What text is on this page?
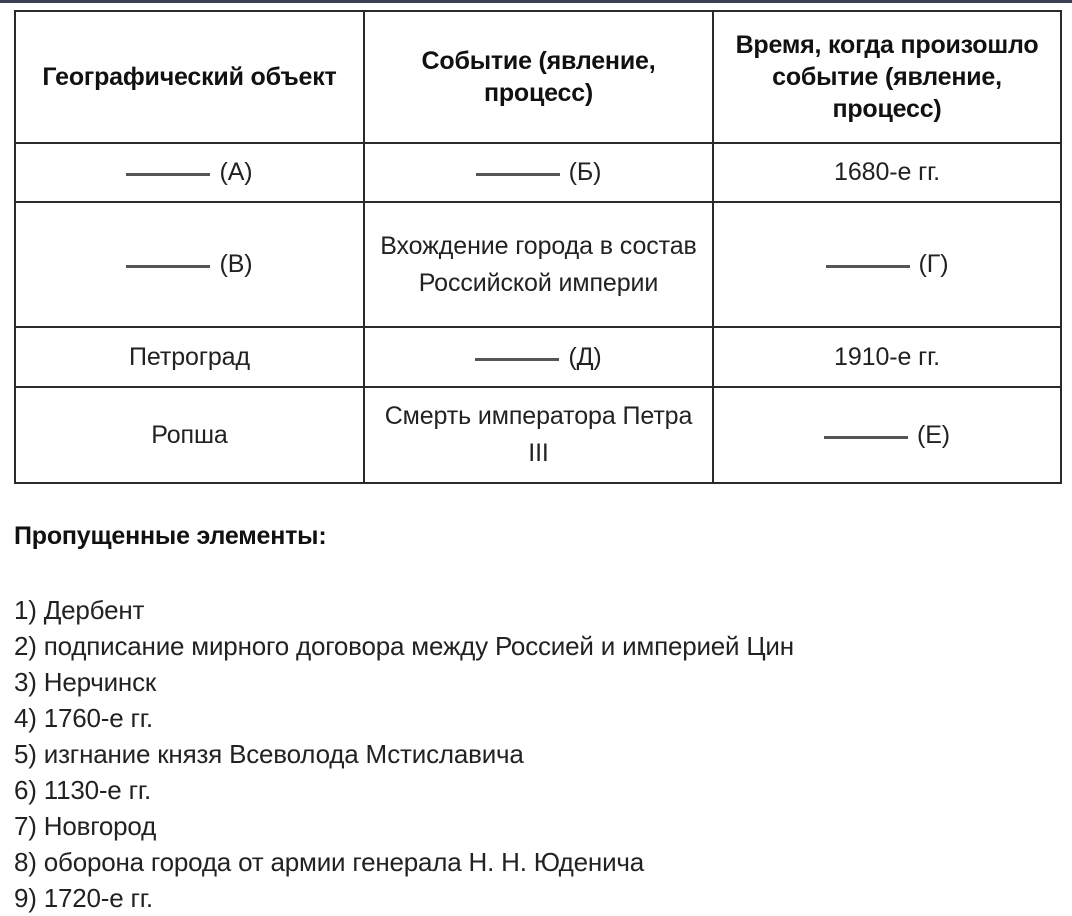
Географический объект	Событие (явление, процесс)	Время, когда произошло событие (явление, процесс)
(А)	(Б)	1680-е гг.
(В)	Вхождение города в состав Российской империи	(Г)
Петроград	(Д)	1910-е гг.
Ропша	Смерть императора Петра III	(Е)
Пропущенные элементы:
1) Дербент
2) подписание мирного договора между Россией и империей Цин
3) Нерчинск
4) 1760-е гг.
5) изгнание князя Всеволода Мстиславича
6) 1130-е гг.
7) Новгород
8) оборона города от армии генерала Н. Н. Юденича
9) 1720-е гг.
